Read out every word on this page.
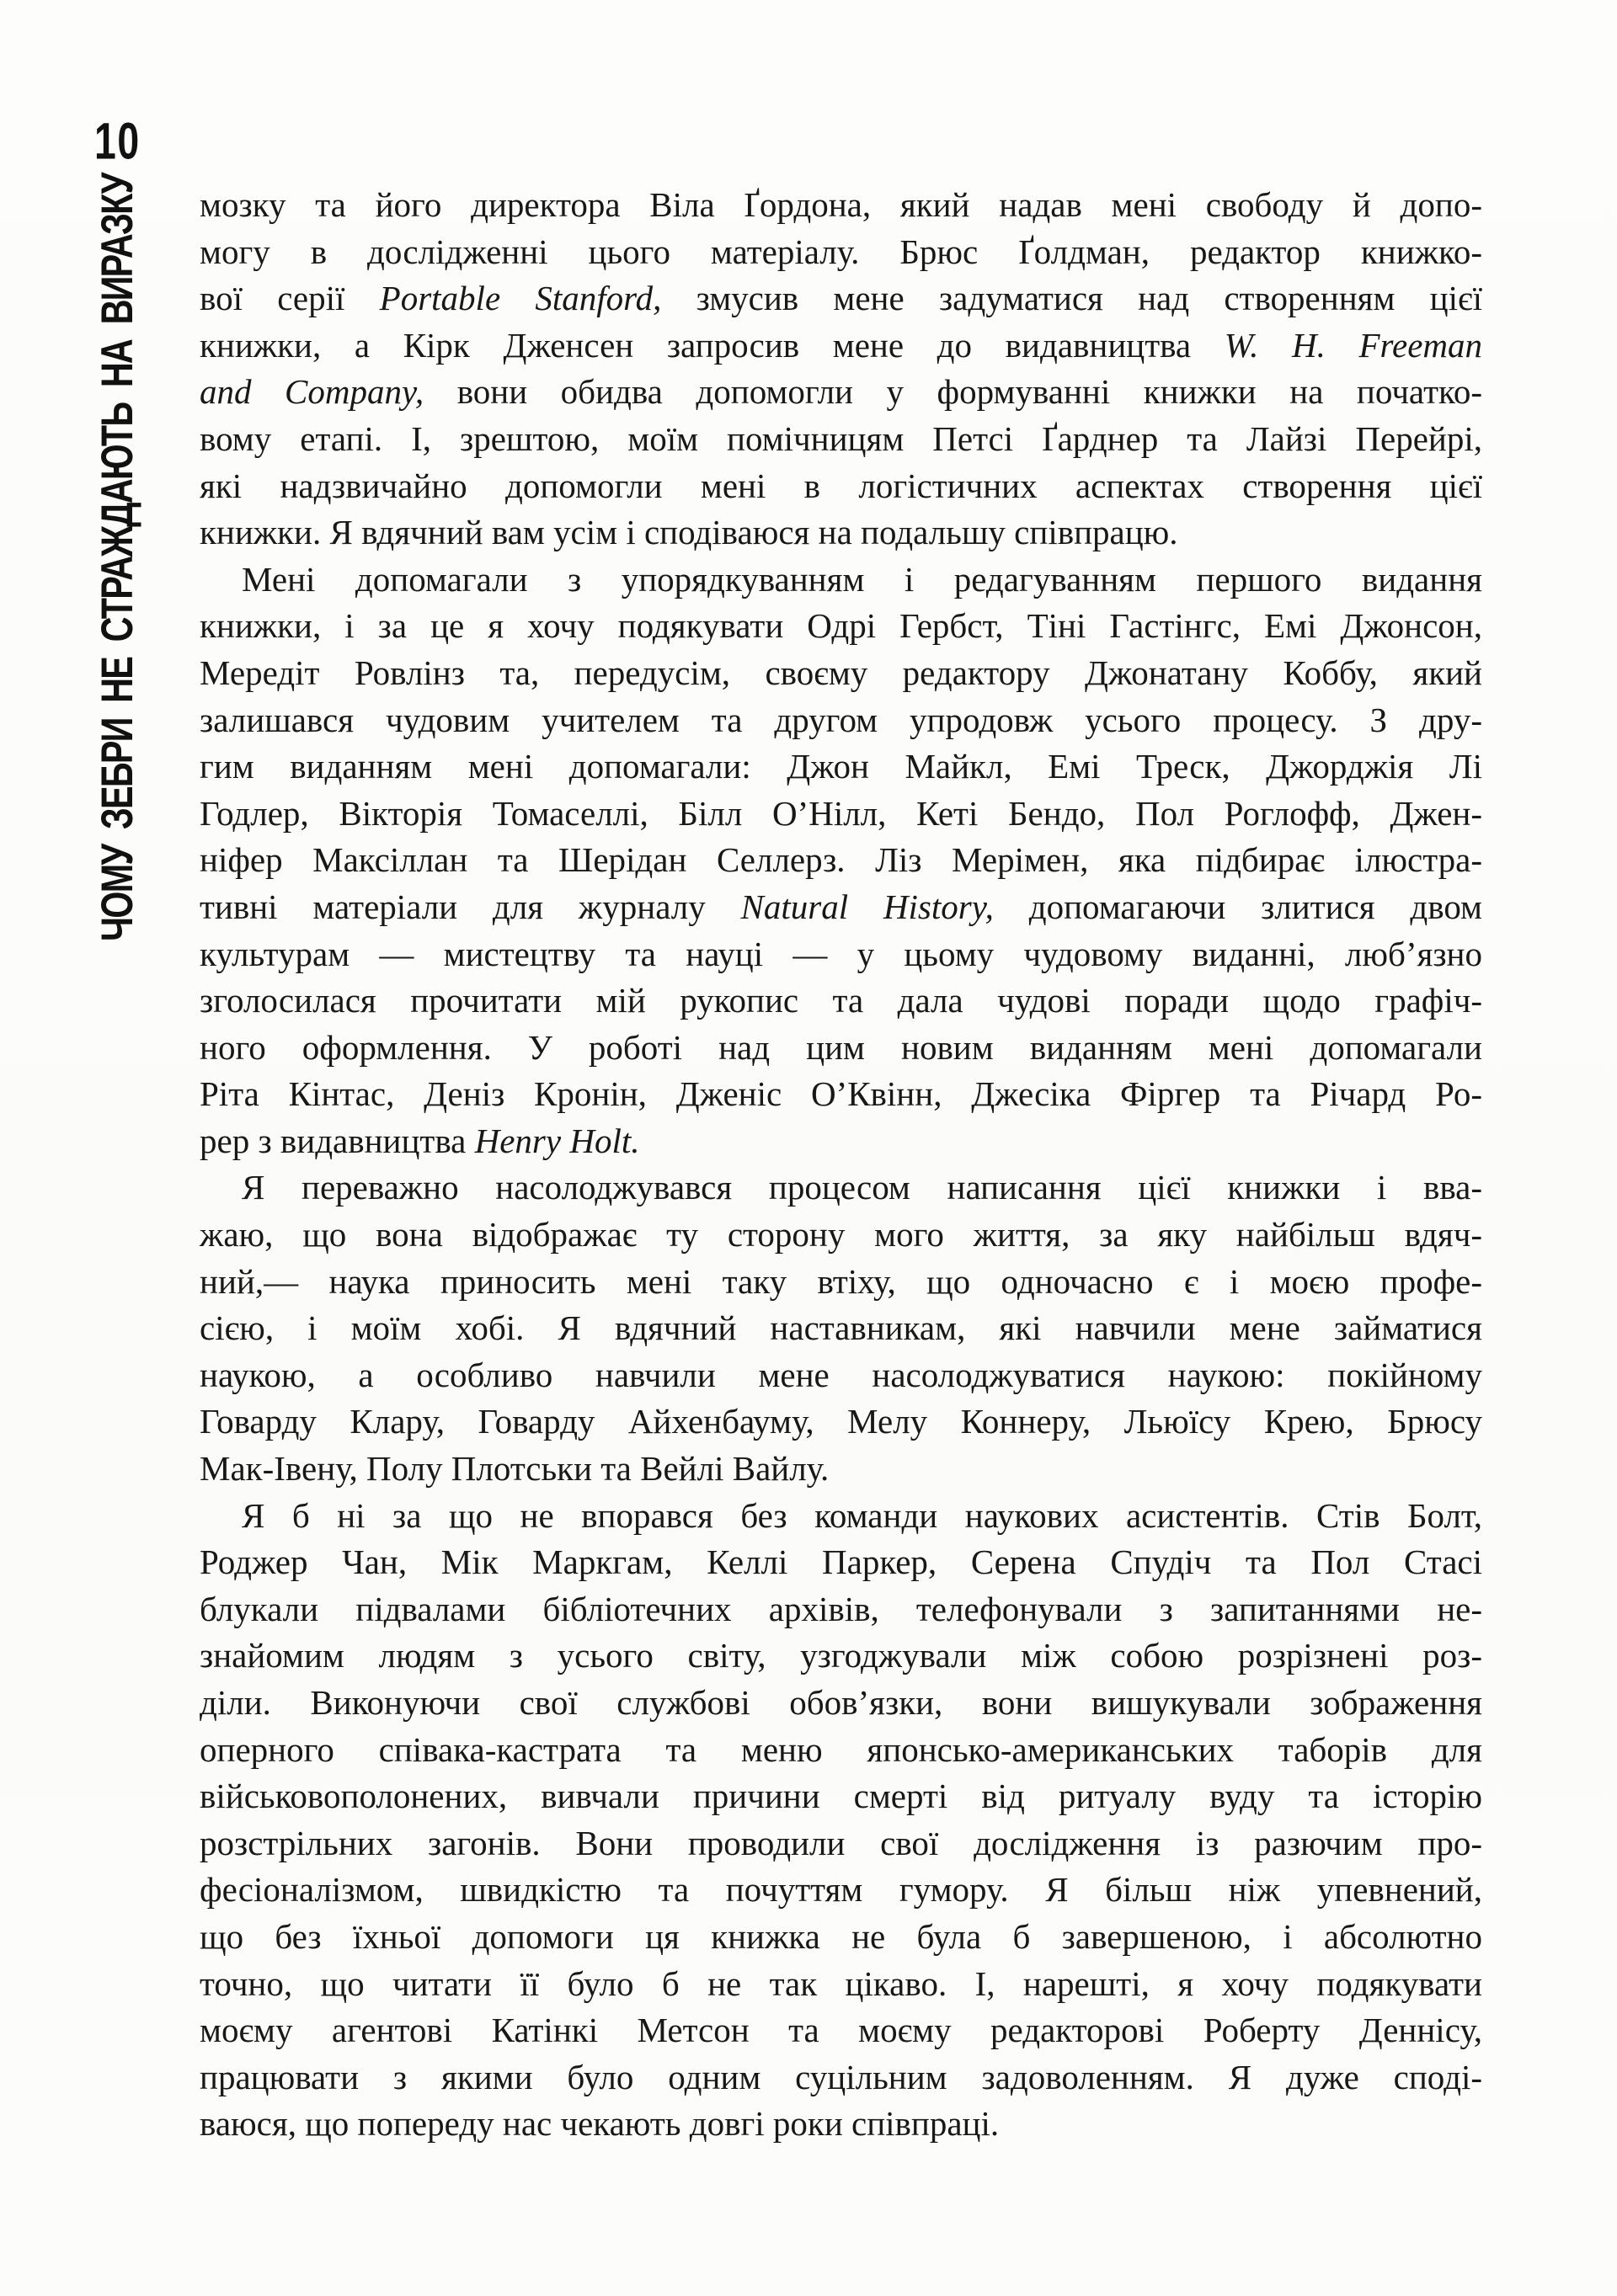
10
ЧОМУ ЗЕБРИ НЕ СТРАЖДАЮТЬ НА ВИРАЗКУ мозку та його директора Віла Ґордона, який надав мені свободу й допо-
могу в дослідженні цього матеріалу. Брюс Ґолдман, редактор книжко-
вої серії Portable Stanford, змусив мене задуматися над створенням цієї
книжки, а Кірк Дженсен запросив мене до видавництва W. H. Freeman
and Company, вони обидва допомогли у формуванні книжки на початко-
вому етапі. І, зрештою, моїм помічницям Петсі Ґарднер та Лайзі Перейрі,
які надзвичайно допомогли мені в логістичних аспектах створення цієї
книжки. Я вдячний вам усім і сподіваюся на подальшу співпрацю.
Мені допомагали з упорядкуванням і редагуванням першого видання
книжки, і за це я хочу подякувати Одрі Гербст, Тіні Гастінгс, Емі Джонсон,
Мередіт Ровлінз та, передусім, своєму редактору Джонатану Коббу, який
залишався чудовим учителем та другом упродовж усього процесу. З дру-
гим виданням мені допомагали: Джон Майкл, Емі Треск, Джорджія Лі
Годлер, Вікторія Томаселлі, Білл О’Нілл, Кеті Бендо, Пол Роглофф, Джен-
ніфер Максіллан та Шерідан Селлерз. Ліз Мерімен, яка підбирає ілюстра-
тивні матеріали для журналу Natural History, допомагаючи злитися двом
культурам — мистецтву та науці — у цьому чудовому виданні, люб’язно
зголосилася прочитати мій рукопис та дала чудові поради щодо графіч-
ного оформлення. У роботі над цим новим виданням мені допомагали
Ріта Кінтас, Деніз Кронін, Дженіс О’Квінн, Джесіка Фіргер та Річард Ро-
рер з видавництва Henry Holt.
Я переважно насолоджувався процесом написання цієї книжки і вва-
жаю, що вона відображає ту сторону мого життя, за яку найбільш вдяч-
ний,— наука приносить мені таку втіху, що одночасно є і моєю профе-
сією, і моїм хобі. Я вдячний наставникам, які навчили мене займатися
наукою, а особливо навчили мене насолоджуватися наукою: покійному
Говарду Клару, Говарду Айхенбауму, Мелу Коннеру, Льюїсу Крею, Брюсу
Мак-Івену, Полу Плотськи та Вейлі Вайлу.
Я б ні за що не впорався без команди наукових асистентів. Стів Болт,
Роджер Чан, Мік Маркгам, Келлі Паркер, Серена Спудіч та Пол Стасі
блукали підвалами бібліотечних архівів, телефонували з запитаннями не-
знайомим людям з усього світу, узгоджували між собою розрізнені роз-
діли. Виконуючи свої службові обов’язки, вони вишукували зображення
оперного співака-кастрата та меню японсько-американських таборів для
військовополонених, вивчали причини смерті від ритуалу вуду та історію
розстрільних загонів. Вони проводили свої дослідження із разючим про-
фесіоналізмом, швидкістю та почуттям гумору. Я більш ніж упевнений,
що без їхньої допомоги ця книжка не була б завершеною, і абсолютно
точно, що читати її було б не так цікаво. І, нарешті, я хочу подякувати
моєму агентові Катінкі Метсон та моєму редакторові Роберту Деннісу,
працювати з якими було одним суцільним задоволенням. Я дуже споді-
ваюся, що попереду нас чекають довгі роки співпраці.
